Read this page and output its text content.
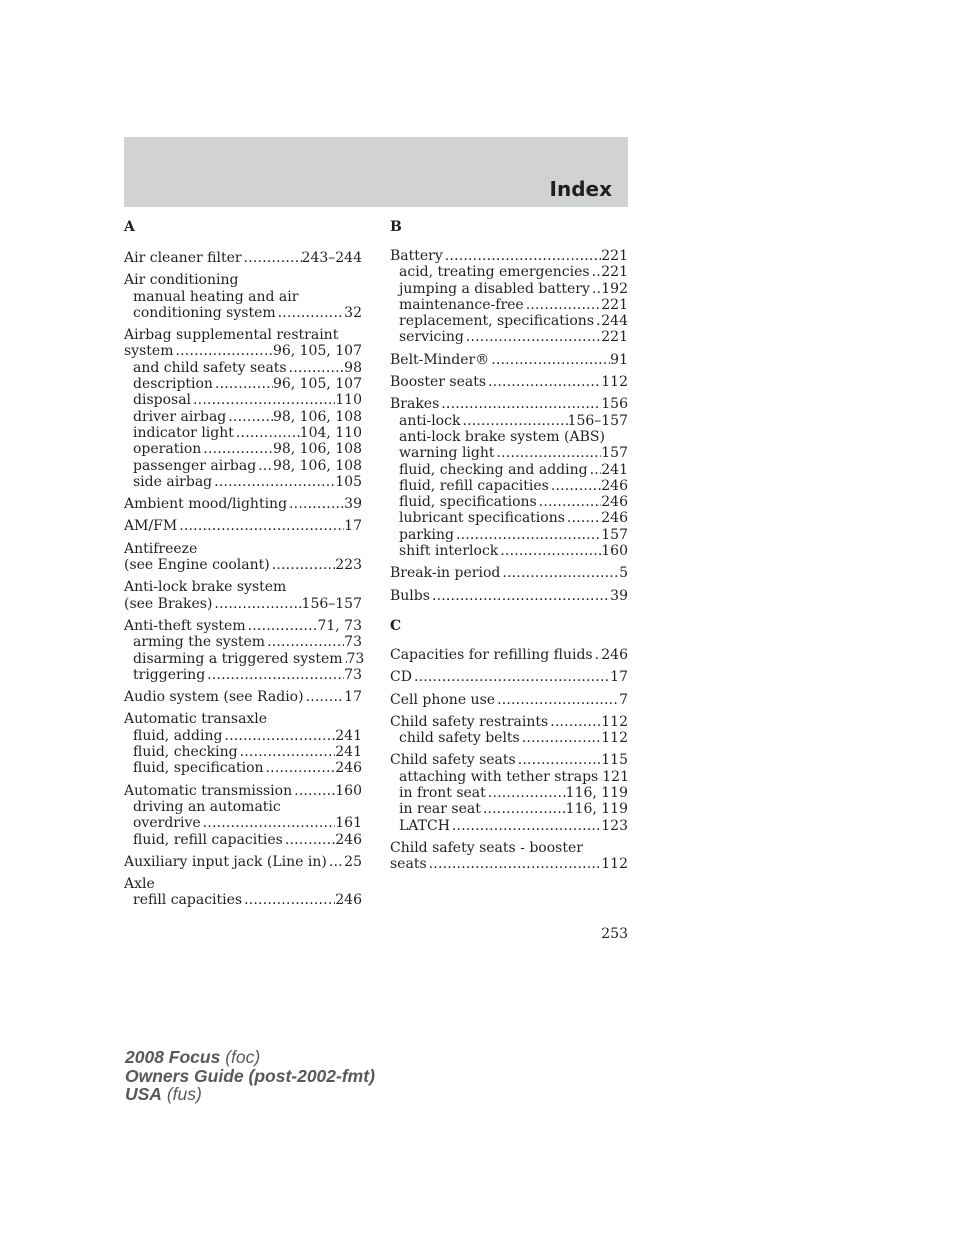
Index
A
Air cleaner filter .....	243–244
Air conditioning
manual heating and air
conditioning system .....	32
Airbag supplemental restraint
system .....	96, 105, 107
and child safety seats .....	98
description .....	96, 105, 107
disposal .....	110
driver airbag .....	98, 106, 108
indicator light .....	104, 110
operation .....	98, 106, 108
passenger airbag ..... 98, 106, 108
side airbag .....	105
Ambient mood/lighting .....	39
AM/FM .....	17
Antifreeze
(see Engine coolant) .....	223
Anti-lock brake system
(see Brakes) .....	156–157
Anti-theft system .....	71, 73
arming the system .....	73
disarming a triggered system ..... 73
triggering .....	73
Audio system (see Radio) .....	17
Automatic transaxle
fluid, adding .....	241
fluid, checking .....	241
fluid, specification .....	246
Automatic transmission .....	160
driving an automatic
overdrive .....	161
fluid, refill capacities .....	246
Auxiliary input jack (Line in) ..... 25
Axle
refill capacities .....	246
B
Battery .....	221
acid, treating emergencies ..... 221
jumping a disabled battery ..... 192
maintenance-free .....	221
replacement, specifications ..... 244
servicing .....	221
Belt-Minder® .....	91
Booster seats .....	112
Brakes .....	156
anti-lock .....	156–157
anti-lock brake system (ABS)
warning light .....	157
fluid, checking and adding ..... 241
fluid, refill capacities .....	246
fluid, specifications .....	246
lubricant specifications .....	246
parking .....	157
shift interlock .....	160
Break-in period .....	5
Bulbs .....	39
C
Capacities for refilling fluids ..... 246
CD .....	17
Cell phone use .....	7
Child safety restraints .....	112
child safety belts .....	112
Child safety seats .....	115
attaching with tether straps ..... 121
in front seat .....	116, 119
in rear seat .....	116, 119
LATCH .....	123
Child safety seats - booster
seats .....	112
253
2008 Focus (foc)
Owners Guide (post-2002-fmt)
USA (fus)
